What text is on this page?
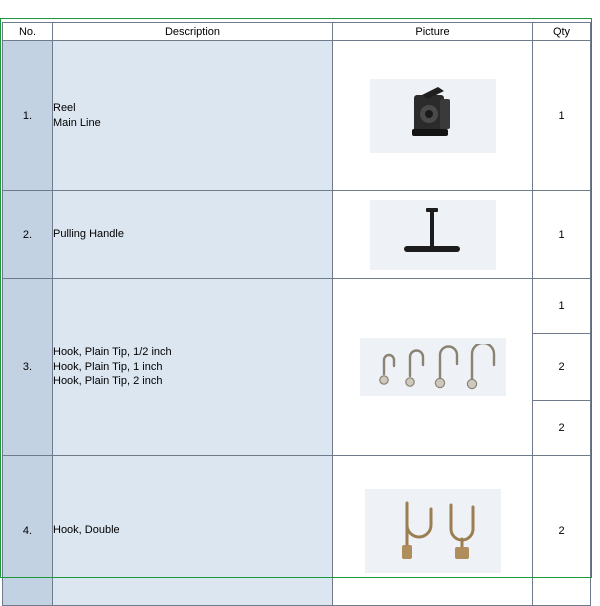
No.	Description	Picture	Qty
1.	Reel
Main Line		1
2.	Pulling Handle		1
3.	Hook, Plain Tip, 1/2 inch
Hook, Plain Tip, 1 inch
Hook, Plain Tip, 2 inch		1
			2
			2
4.	Hook, Double		2
